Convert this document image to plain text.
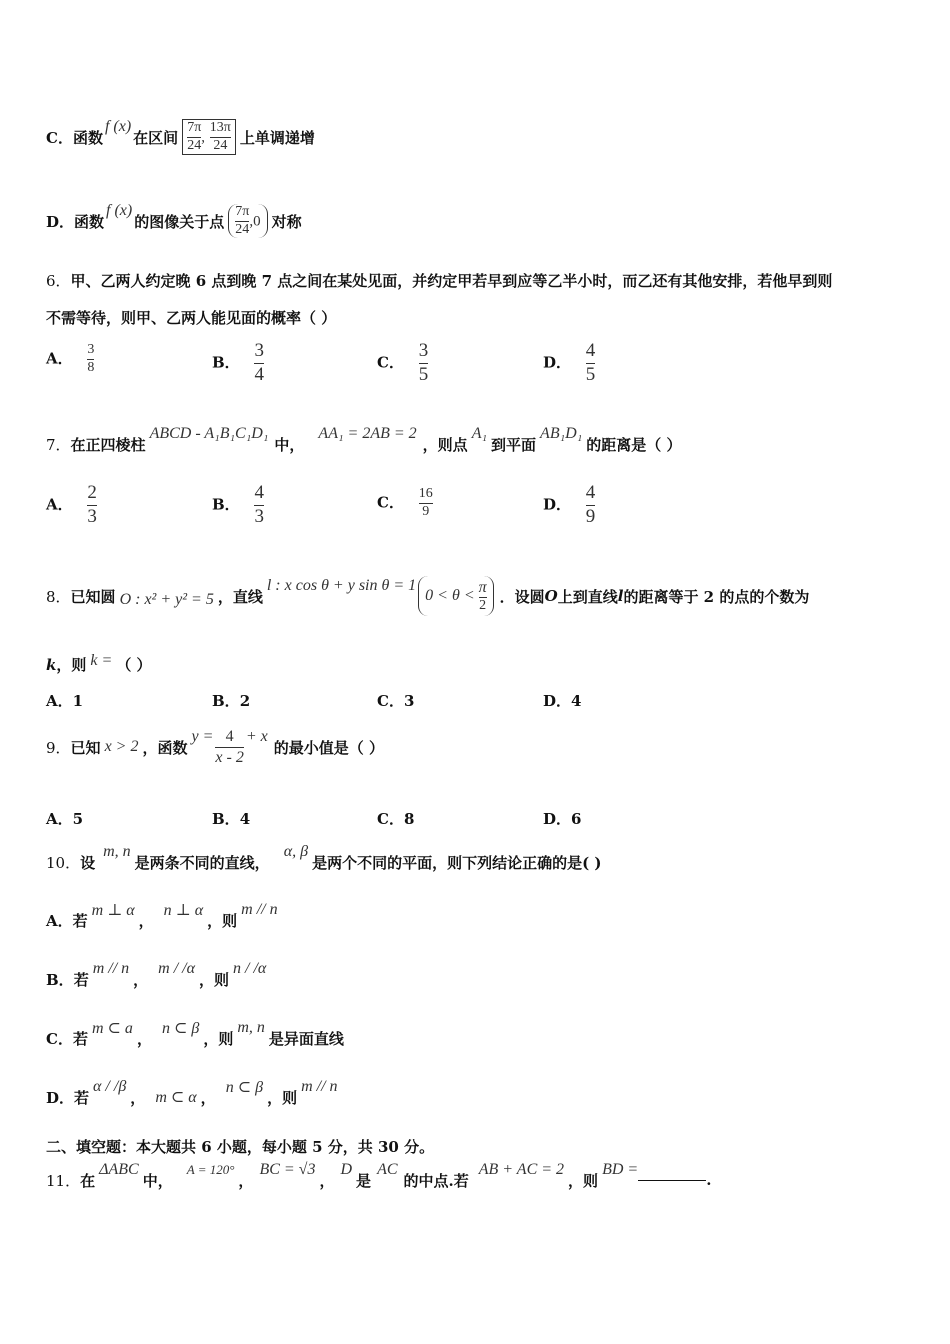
C． 函数
f (x)
在区间 $\frac{7\pi}{24}$ , $\frac{13\pi}{24}$ 上单调递增
D． 函数
f (x)
的图像关于点 $\frac{7\pi}{24} ,0$ 对称
6．甲、乙两人约定晚 6 点到晚 7 点之间在某处见面，并约定甲若早到应等乙半小时，而乙还有其他安排，若他早到则
不需等待，则甲、乙两人能见面的概率（ ）
A． $\frac{3}{8}$	B． $\frac{3}{4}$	C． $\frac{3}{5}$	D． $\frac{4}{5}$
7． 在正四棱柱
ABCD - A₁B₁C₁D₁
中，
AA₁ = 2AB = 2
，则点
A₁
到平面
AB₁D₁
的距离是（ ）
A． $\frac{2}{3}$	B． $\frac{4}{3}$	C． $\frac{16}{9}$	D． $\frac{4}{9}$
8． 已知圆 O : x² + y² = 5 ，直线
l : x cos θ + y sin θ = 1
$0 < \theta < \frac{\pi}{2}$ ．设圆 O 上到直线 l 的距离等于 2 的点的个数为
k ，则 k = （ ）
A．1	B．2	C．3	D．4
9． 已知 x > 2 ，函数
$y = \frac{4}{x - 2} + x$
的最小值是（ ）
A．5	B．4	C．8	D．6
10． 设
m, n
是两条不同的直线，
α, β
是两个不同的平面，则下列结论正确的是( )
A． 若
m ⊥ α
，
n ⊥ α
，则
m // n
B． 若
m // n
，
m / /α
，则
n / /α
C． 若
m ⊂ a
，
n ⊂ β
，则
m, n
是异面直线
D． 若
α / /β
， m ⊂ α ，
n ⊂ β
，则
m // n
二、填空题：本大题共 6 小题，每小题 5 分，共 30 分。
11． 在
ΔABC
中，
A = 120°
，
BC = √3
，
D
是
AC
的中点.若
AB + AC = 2
，则
BD =
.
